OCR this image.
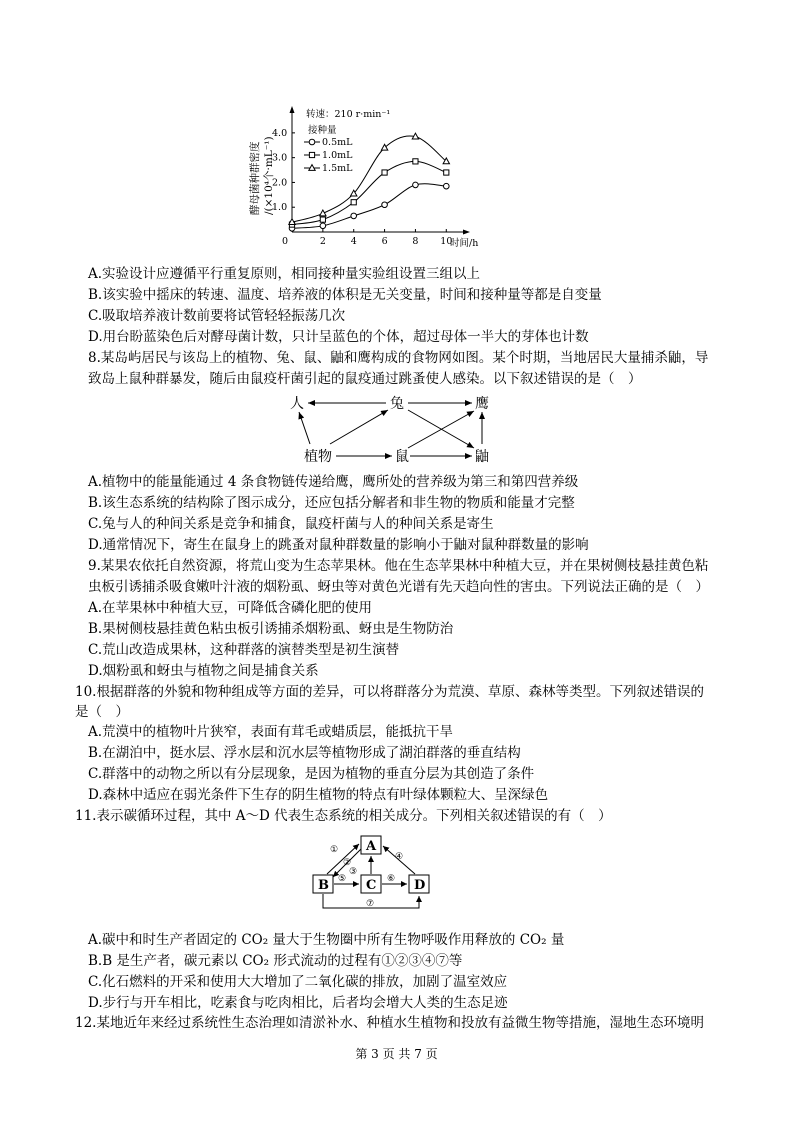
酵母菌种群密度 /(×10⁴个·mL⁻¹)
转速：210 r·min⁻¹
接种量
0.5mL
1.0mL
1.5mL
时间/h
0	2	4	6	8 10
1.0
2.0
3.0
4.0
A.实验设计应遵循平行重复原则，相同接种量实验组设置三组以上
B.该实验中摇床的转速、温度、培养液的体积是无关变量，时间和接种量等都是自变量
C.吸取培养液计数前要将试管轻轻振荡几次
D.用台盼蓝染色后对酵母菌计数，只计呈蓝色的个体，超过母体一半大的芽体也计数
8.某岛屿居民与该岛上的植物、兔、鼠、鼬和鹰构成的食物网如图。某个时期，当地居民大量捕杀鼬，导
致岛上鼠种群暴发，随后由鼠疫杆菌引起的鼠疫通过跳蚤使人感染。以下叙述错误的是（　）
人	兔	鹰
植物	鼠	鼬
A.植物中的能量能通过 4 条食物链传递给鹰，鹰所处的营养级为第三和第四营养级
B.该生态系统的结构除了图示成分，还应包括分解者和非生物的物质和能量才完整
C.兔与人的种间关系是竞争和捕食，鼠疫杆菌与人的种间关系是寄生
D.通常情况下，寄生在鼠身上的跳蚤对鼠种群数量的影响小于鼬对鼠种群数量的影响
9.某果农依托自然资源，将荒山变为生态苹果林。他在生态苹果林中种植大豆，并在果树侧枝悬挂黄色粘
虫板引诱捕杀吸食嫩叶汁液的烟粉虱、蚜虫等对黄色光谱有先天趋向性的害虫。下列说法正确的是（　）
A.在苹果林中种植大豆，可降低含磷化肥的使用
B.果树侧枝悬挂黄色粘虫板引诱捕杀烟粉虱、蚜虫是生物防治
C.荒山改造成果林，这种群落的演替类型是初生演替
D.烟粉虱和蚜虫与植物之间是捕食关系
10.根据群落的外貌和物种组成等方面的差异，可以将群落分为荒漠、草原、森林等类型。下列叙述错误的
是（　）
A.荒漠中的植物叶片狭窄，表面有茸毛或蜡质层，能抵抗干旱
B.在湖泊中，挺水层、浮水层和沉水层等植物形成了湖泊群落的垂直结构
C.群落中的动物之所以有分层现象，是因为植物的垂直分层为其创造了条件
D.森林中适应在弱光条件下生存的阴生植物的特点有叶绿体颗粒大、呈深绿色
11.表示碳循环过程，其中 A～D 代表生态系统的相关成分。下列相关叙述错误的有（　）
A
B	C	D
①
②
③
④
⑤	⑥
⑦
A.碳中和时生产者固定的 CO₂ 量大于生物圈中所有生物呼吸作用释放的 CO₂ 量
B.B 是生产者，碳元素以 CO₂ 形式流动的过程有①②③④⑦等
C.化石燃料的开采和使用大大增加了二氧化碳的排放，加剧了温室效应
D.步行与开车相比，吃素食与吃肉相比，后者均会增大人类的生态足迹
12.某地近年来经过系统性生态治理如清淤补水、种植水生植物和投放有益微生物等措施，湿地生态环境明
第 3 页 共 7 页
